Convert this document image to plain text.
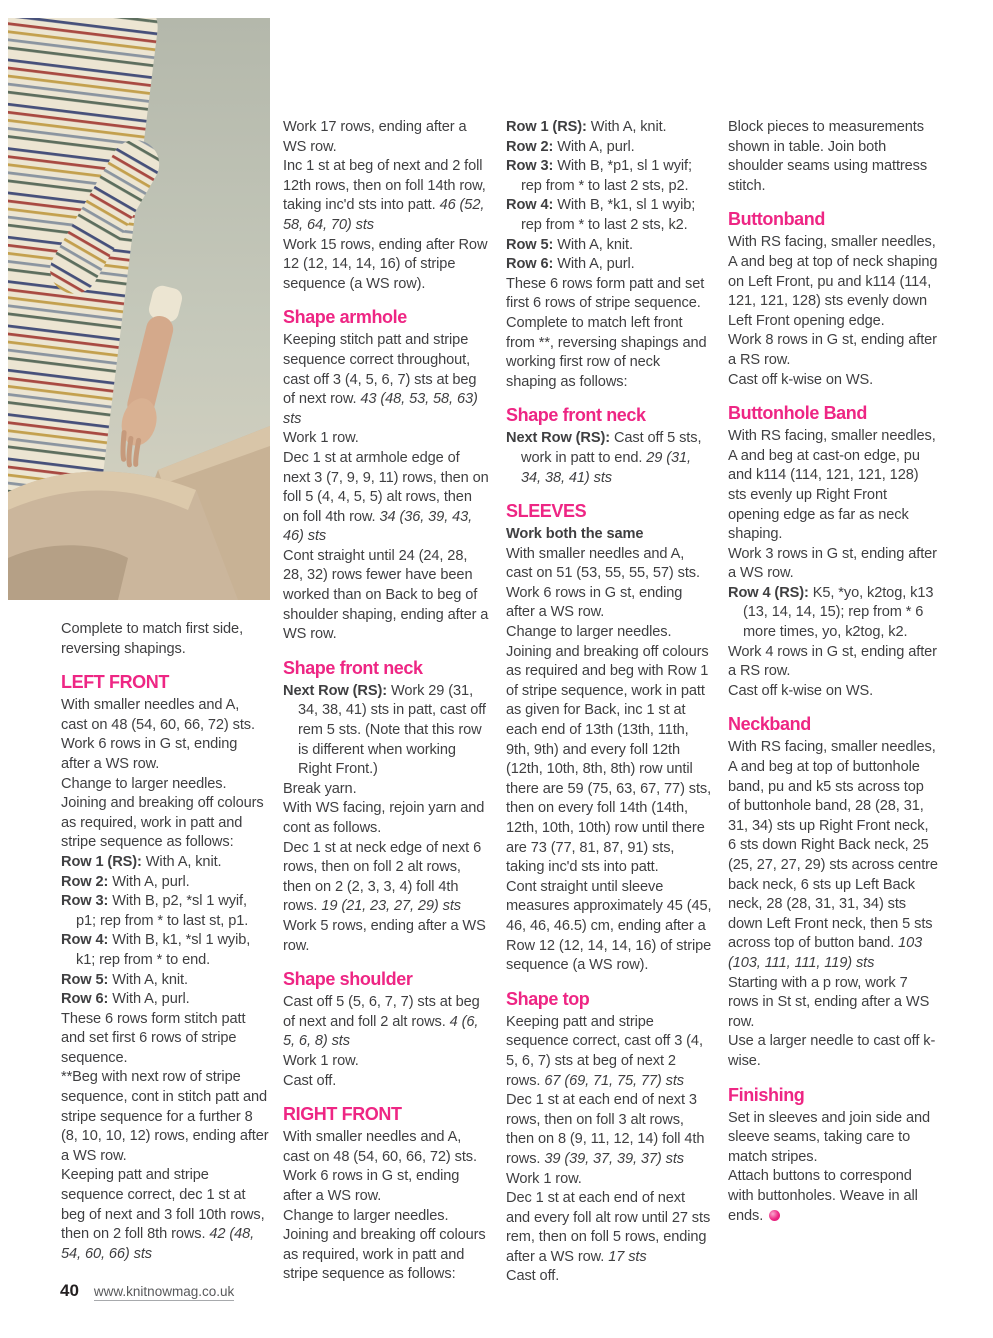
Complete to match first side, reversing shapings.

LEFT FRONT

With smaller needles and A, cast on 48 (54, 60, 66, 72) sts.

Work 6 rows in G st, ending after a WS row.

Change to larger needles.

Joining and breaking off colours as required, work in patt and stripe sequence as follows:

Row 1 (RS): With A, knit.

Row 2: With A, purl.

Row 3: With B, p2, *sl 1 wyif, p1; rep from * to last st, p1.

Row 4: With B, k1, *sl 1 wyib, k1; rep from * to end.

Row 5: With A, knit.

Row 6: With A, purl.

These 6 rows form stitch patt and set first 6 rows of stripe sequence.

**Beg with next row of stripe sequence, cont in stitch patt and stripe sequence for a further 8 (8, 10, 10, 12) rows, ending after a WS row.

Keeping patt and stripe sequence correct, dec 1 st at beg of next and 3 foll 10th rows, then on 2 foll 8th rows. 42 (48, 54, 60, 66) sts

Work 17 rows, ending after a WS row.

Inc 1 st at beg of next and 2 foll 12th rows, then on foll 14th row, taking inc'd sts into patt. 46 (52, 58, 64, 70) sts

Work 15 rows, ending after Row 12 (12, 14, 14, 16) of stripe sequence (a WS row).

Shape armhole

Keeping stitch patt and stripe sequence correct throughout, cast off 3 (4, 5, 6, 7) sts at beg of next row. 43 (48, 53, 58, 63) sts

Work 1 row.

Dec 1 st at armhole edge of next 3 (7, 9, 9, 11) rows, then on foll 5 (4, 4, 5, 5) alt rows, then on foll 4th row. 34 (36, 39, 43, 46) sts

Cont straight until 24 (24, 28, 28, 32) rows fewer have been worked than on Back to beg of shoulder shaping, ending after a WS row.

Shape front neck

Next Row (RS): Work 29 (31, 34, 38, 41) sts in patt, cast off rem 5 sts. (Note that this row is different when working Right Front.)

Break yarn.

With WS facing, rejoin yarn and cont as follows.

Dec 1 st at neck edge of next 6 rows, then on foll 2 alt rows, then on 2 (2, 3, 3, 4) foll 4th rows. 19 (21, 23, 27, 29) sts

Work 5 rows, ending after a WS row.

Shape shoulder

Cast off 5 (5, 6, 7, 7) sts at beg of next and foll 2 alt rows. 4 (6, 5, 6, 8) sts

Work 1 row.

Cast off.

RIGHT FRONT

With smaller needles and A, cast on 48 (54, 60, 66, 72) sts.

Work 6 rows in G st, ending after a WS row.

Change to larger needles.

Joining and breaking off colours as required, work in patt and stripe sequence as follows:

Row 1 (RS): With A, knit.

Row 2: With A, purl.

Row 3: With B, *p1, sl 1 wyif; rep from * to last 2 sts, p2.

Row 4: With B, *k1, sl 1 wyib; rep from * to last 2 sts, k2.

Row 5: With A, knit.

Row 6: With A, purl.

These 6 rows form patt and set first 6 rows of stripe sequence.

Complete to match left front from **, reversing shapings and working first row of neck shaping as follows:

Shape front neck

Next Row (RS): Cast off 5 sts, work in patt to end. 29 (31, 34, 38, 41) sts

SLEEVES

Work both the same

With smaller needles and A, cast on 51 (53, 55, 55, 57) sts.

Work 6 rows in G st, ending after a WS row.

Change to larger needles.

Joining and breaking off colours as required and beg with Row 1 of stripe sequence, work in patt as given for Back, inc 1 st at each end of 13th (13th, 11th, 9th, 9th) and every foll 12th (12th, 10th, 8th, 8th) row until there are 59 (75, 63, 67, 77) sts, then on every foll 14th (14th, 12th, 10th, 10th) row until there are 73 (77, 81, 87, 91) sts, taking inc'd sts into patt.

Cont straight until sleeve measures approximately 45 (45, 46, 46, 46.5) cm, ending after a Row 12 (12, 14, 14, 16) of stripe sequence (a WS row).

Shape top

Keeping patt and stripe sequence correct, cast off 3 (4, 5, 6, 7) sts at beg of next 2 rows. 67 (69, 71, 75, 77) sts

Dec 1 st at each end of next 3 rows, then on foll 3 alt rows, then on 8 (9, 11, 12, 14) foll 4th rows. 39 (39, 37, 39, 37) sts

Work 1 row.

Dec 1 st at each end of next and every foll alt row until 27 sts rem, then on foll 5 rows, ending after a WS row. 17 sts

Cast off.

Block pieces to measurements shown in table. Join both shoulder seams using mattress stitch.

Buttonband

With RS facing, smaller needles, A and beg at top of neck shaping on Left Front, pu and k114 (114, 121, 121, 128) sts evenly down Left Front opening edge.

Work 8 rows in G st, ending after a RS row.

Cast off k-wise on WS.

Buttonhole Band

With RS facing, smaller needles, A and beg at cast-on edge, pu and k114 (114, 121, 121, 128) sts evenly up Right Front opening edge as far as neck shaping.

Work 3 rows in G st, ending after a WS row.

Row 4 (RS): K5, *yo, k2tog, k13 (13, 14, 14, 15); rep from * 6 more times, yo, k2tog, k2.

Work 4 rows in G st, ending after a RS row.

Cast off k-wise on WS.

Neckband

With RS facing, smaller needles, A and beg at top of buttonhole band, pu and k5 sts across top of buttonhole band, 28 (28, 31, 31, 34) sts up Right Front neck, 6 sts down Right Back neck, 25 (25, 27, 27, 29) sts across centre back neck, 6 sts up Left Back neck, 28 (28, 31, 31, 34) sts down Left Front neck, then 5 sts across top of button band. 103 (103, 111, 111, 119) sts

Starting with a p row, work 7 rows in St st, ending after a WS row.

Use a larger needle to cast off k-wise.

Finishing

Set in sleeves and join side and sleeve seams, taking care to match stripes.

Attach buttons to correspond with buttonholes. Weave in all ends.

40 www.knitnowmag.co.uk
